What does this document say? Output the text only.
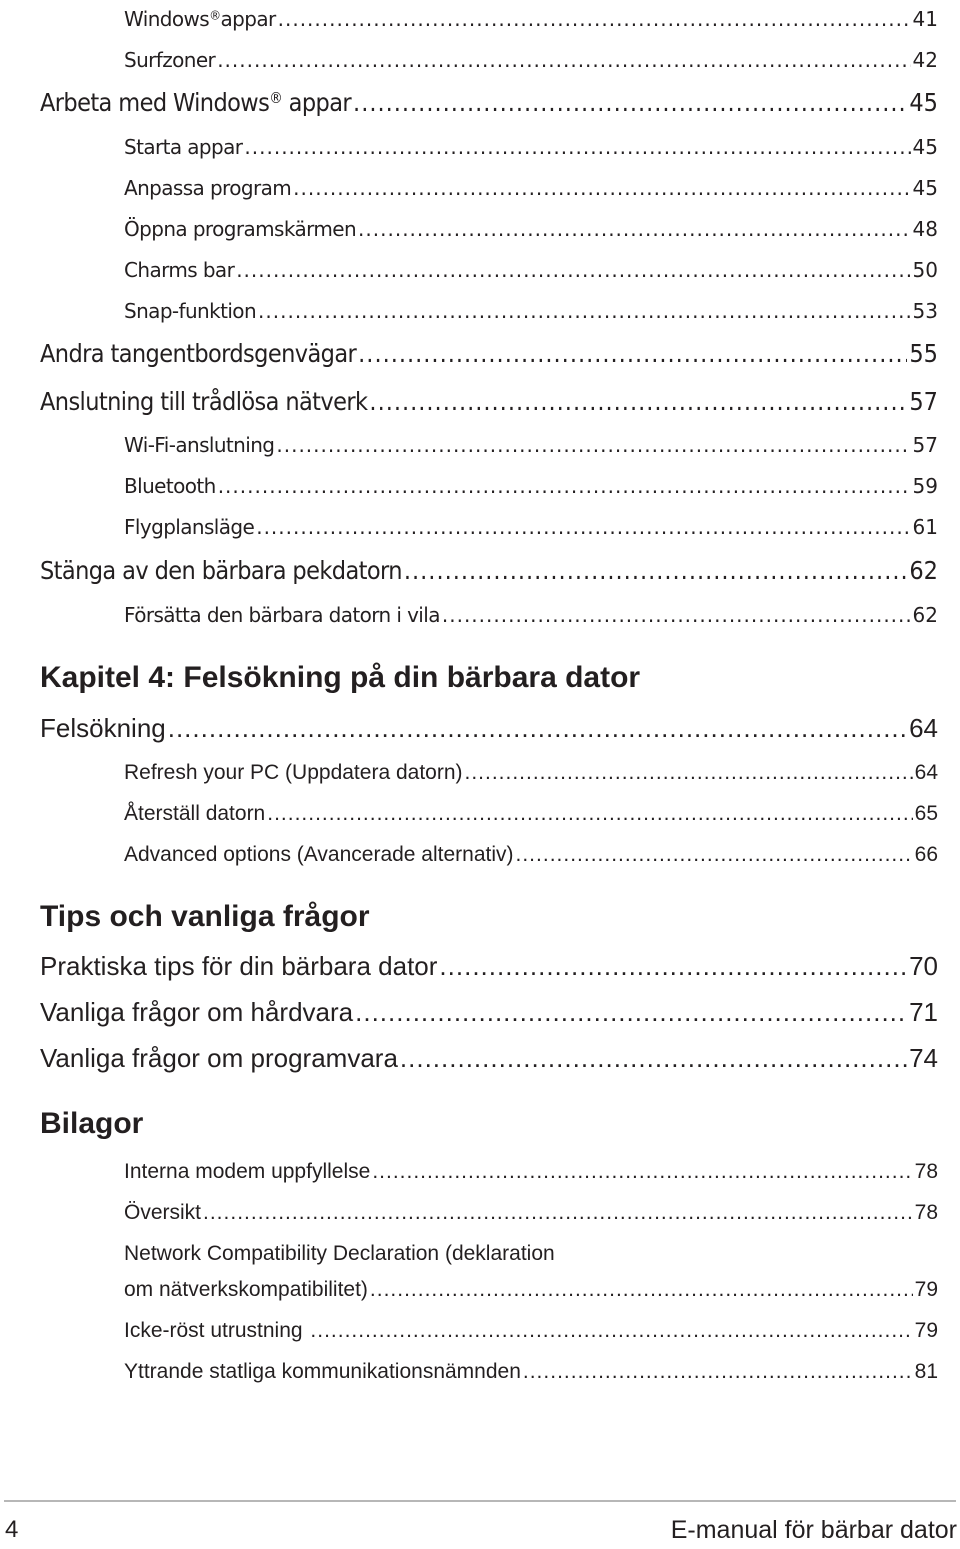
Windows®appar .....	41
Surfzoner .....	42
Arbeta med Windows® appar .....	45
Starta appar .....	45
Anpassa program .....	45
Öppna programskärmen .....	48
Charms bar .....	50
Snap-funktion .....	53
Andra tangentbordsgenvägar .....	55
Anslutning till trådlösa nätverk .....	57
Wi-Fi-anslutning .....	57
Bluetooth .....	59
Flygplansläge .....	61
Stänga av den bärbara pekdatorn .....	62
Försätta den bärbara datorn i vila .....	62
Kapitel 4: Felsökning på din bärbara dator
Felsökning .....	64
Refresh your PC (Uppdatera datorn) .....	64
Återställ datorn .....	65
Advanced options (Avancerade alternativ) .....	66
Tips och vanliga frågor
Praktiska tips för din bärbara dator .....	70
Vanliga frågor om hårdvara .....	71
Vanliga frågor om programvara .....	74
Bilagor
Interna modem uppfyllelse .....	78
Översikt .....	78
Network Compatibility Declaration (deklaration
om nätverkskompatibilitet) .....	79
Icke-röst utrustning .....	79
Yttrande statliga kommunikationsnämnden .....	81
4	E-manual för bärbar dator
